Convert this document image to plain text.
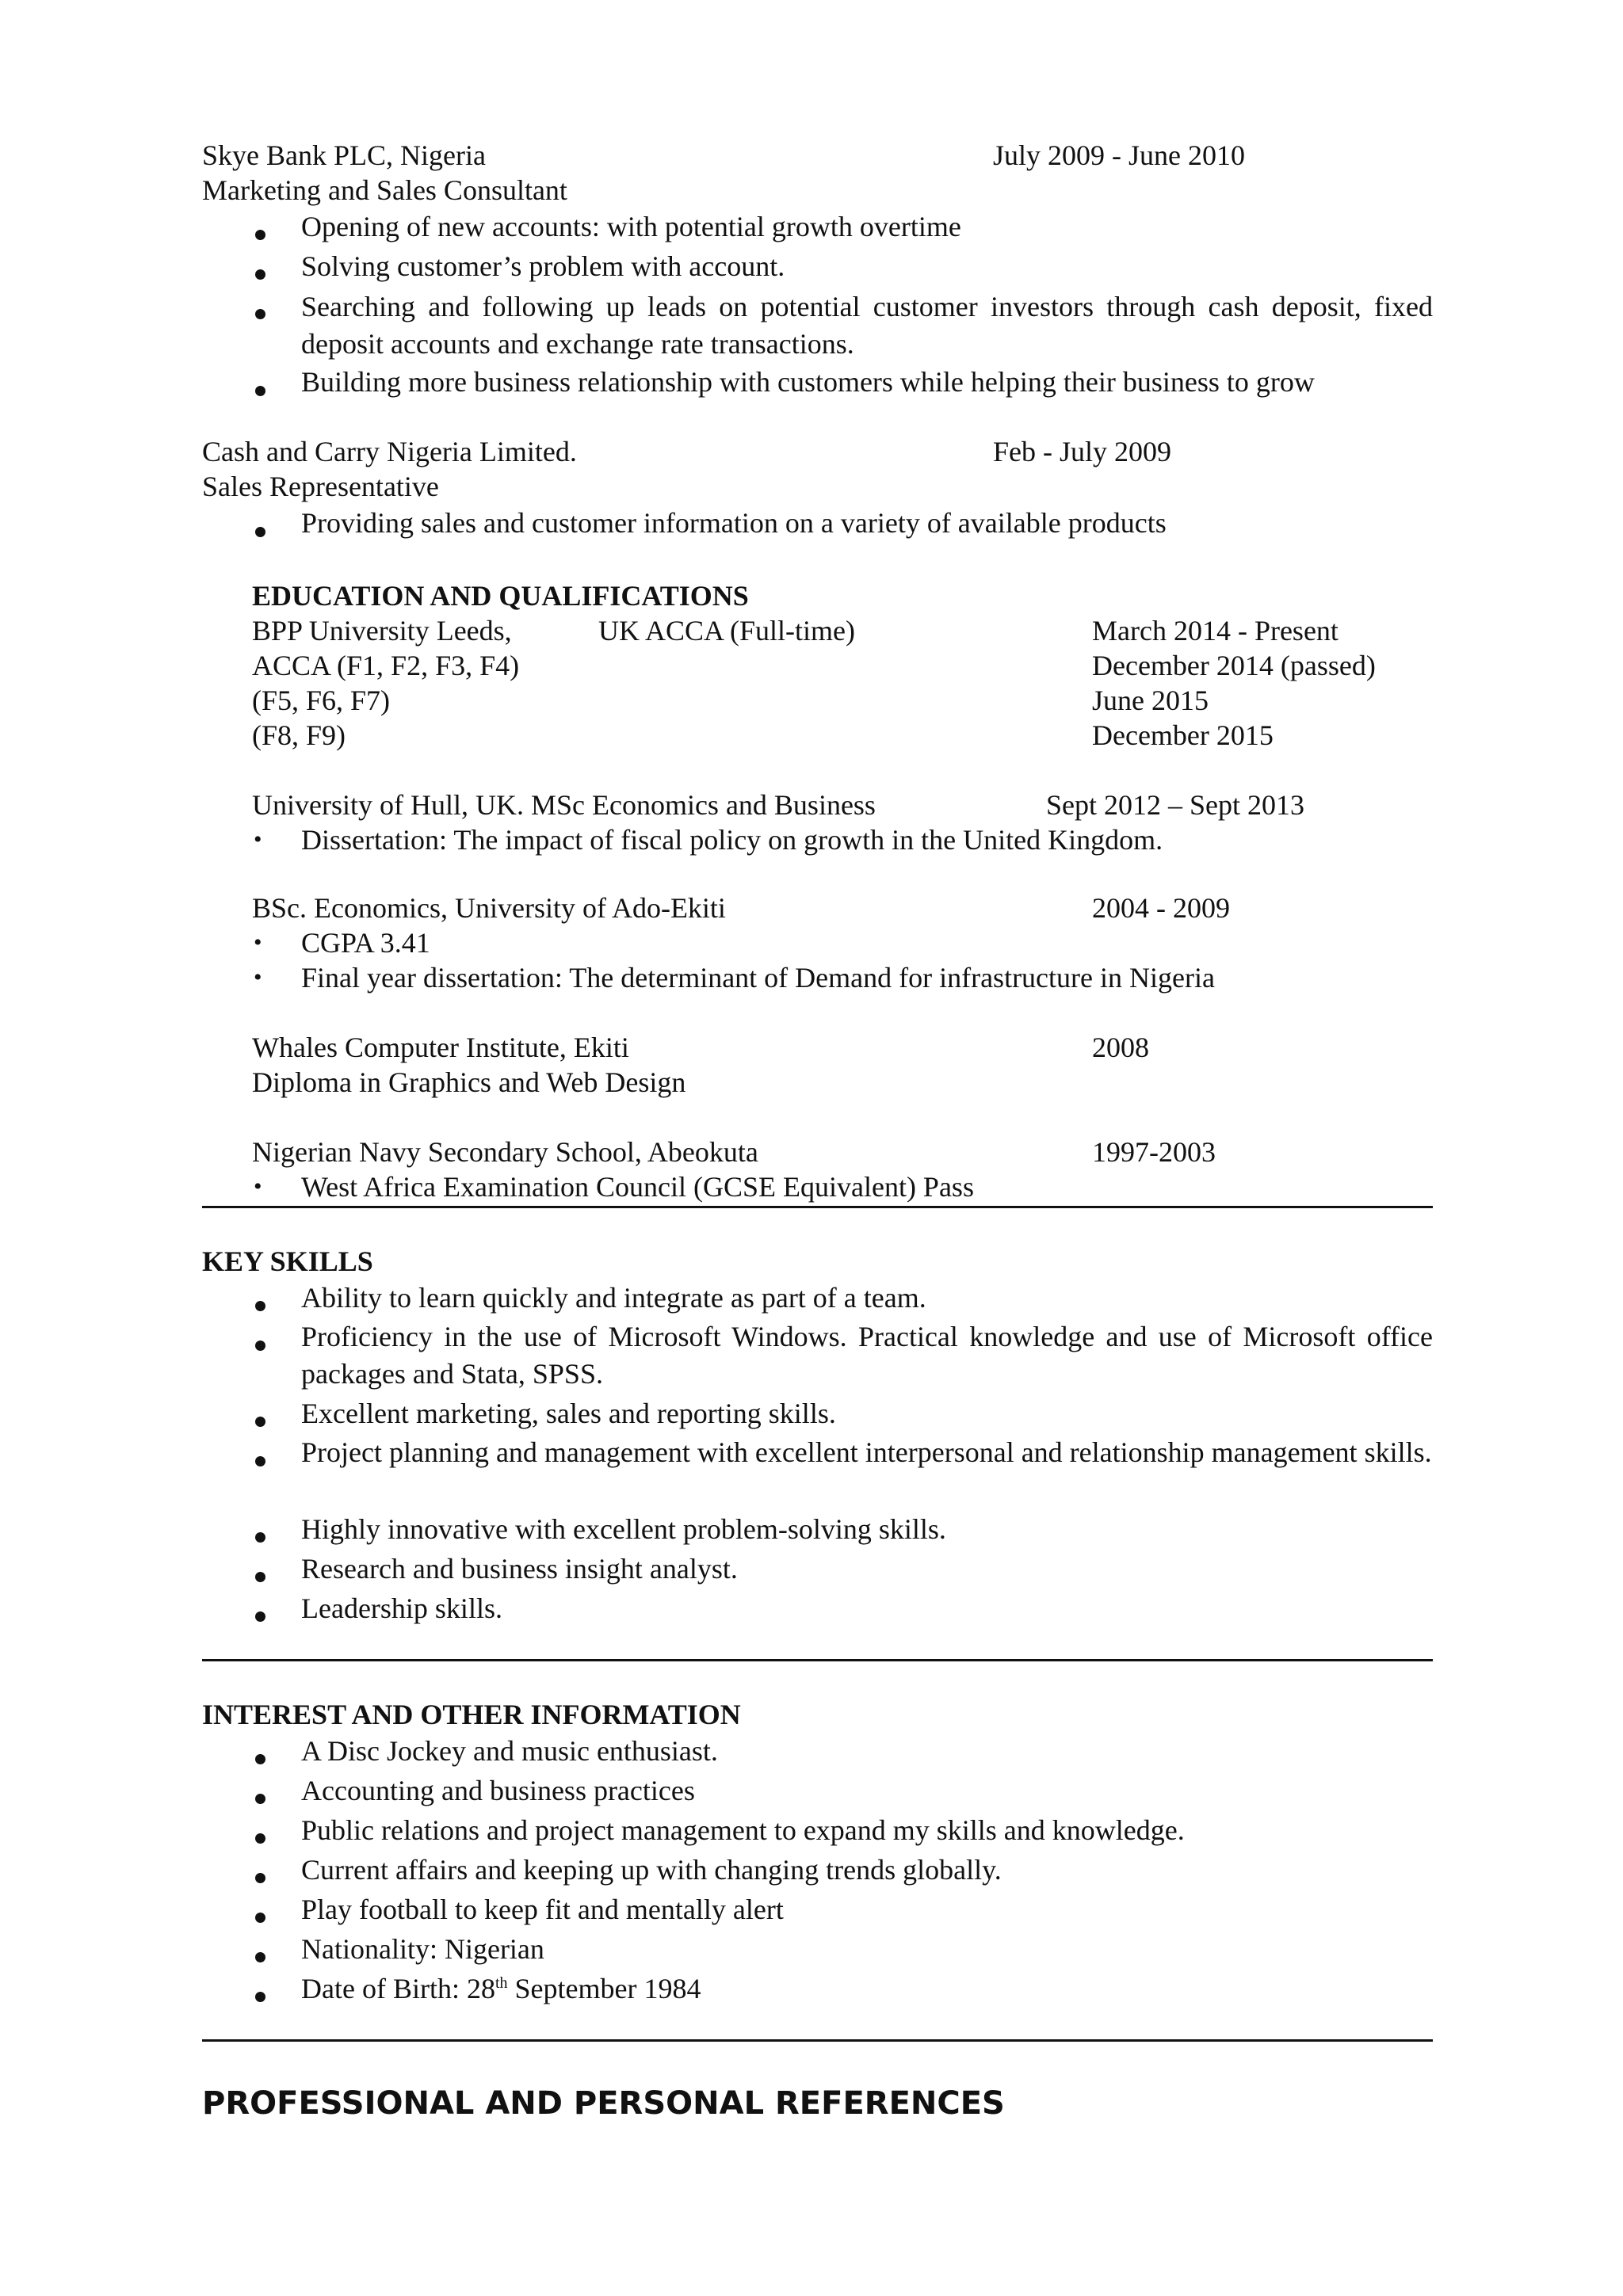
Skye Bank PLC, Nigeria	July 2009 - June 2010
Marketing and Sales Consultant
Opening of new accounts: with potential growth overtime
Solving customer’s problem with account.
Searching and following up leads on potential customer investors through cash deposit, fixed deposit accounts and exchange rate transactions.
Building more business relationship with customers while helping their business to grow
Cash and Carry Nigeria Limited.	Feb - July 2009
Sales Representative
Providing sales and customer information on a variety of available products
EDUCATION AND QUALIFICATIONS
BPP University Leeds,	UK ACCA (Full-time)	March 2014 - Present
ACCA (F1, F2, F3, F4)	December 2014 (passed)
(F5, F6, F7)	June 2015
(F8, F9)	December 2015
University of Hull, UK. MSc Economics and Business	Sept 2012 – Sept 2013
• Dissertation: The impact of fiscal policy on growth in the United Kingdom.
BSc. Economics, University of Ado-Ekiti	2004 - 2009
• CGPA 3.41
• Final year dissertation: The determinant of Demand for infrastructure in Nigeria
Whales Computer Institute, Ekiti	2008
Diploma in Graphics and Web Design
Nigerian Navy Secondary School, Abeokuta	1997-2003
• West Africa Examination Council (GCSE Equivalent) Pass
KEY SKILLS
Ability to learn quickly and integrate as part of a team.
Proficiency in the use of Microsoft Windows. Practical knowledge and use of Microsoft office packages and Stata, SPSS.
Excellent marketing, sales and reporting skills.
Project planning and management with excellent interpersonal and relationship management skills.
Highly innovative with excellent problem-solving skills.
Research and business insight analyst.
Leadership skills.
INTEREST AND OTHER INFORMATION
A Disc Jockey and music enthusiast.
Accounting and business practices
Public relations and project management to expand my skills and knowledge.
Current affairs and keeping up with changing trends globally.
Play football to keep fit and mentally alert
Nationality: Nigerian
Date of Birth: 28th September 1984
PROFESSIONAL AND PERSONAL REFERENCES
